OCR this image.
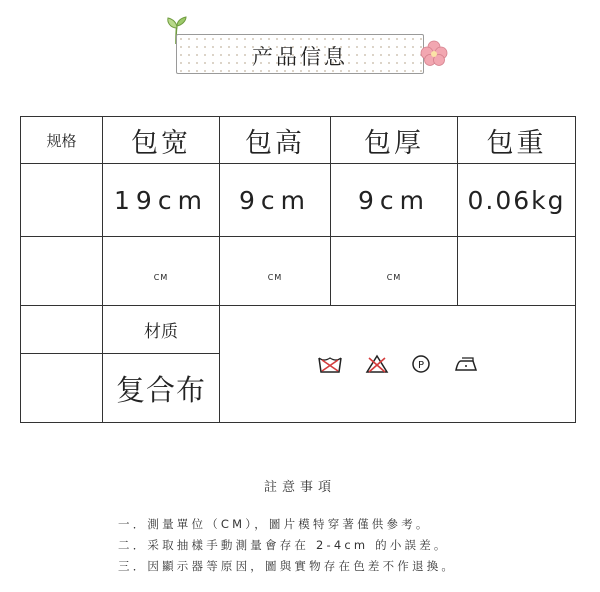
产品信息
规格	包宽	包高	包厚	包重
	19cm	9cm	9cm	0.06kg
	CM	CM	CM	
	材质	P		

	复合布			
註意事項
一．測量單位（CM），圖片模特穿著僅供參考。
二．采取抽樣手動測量會存在 2-4cm 的小誤差。
三．因顯示器等原因，圖與實物存在色差不作退換。
